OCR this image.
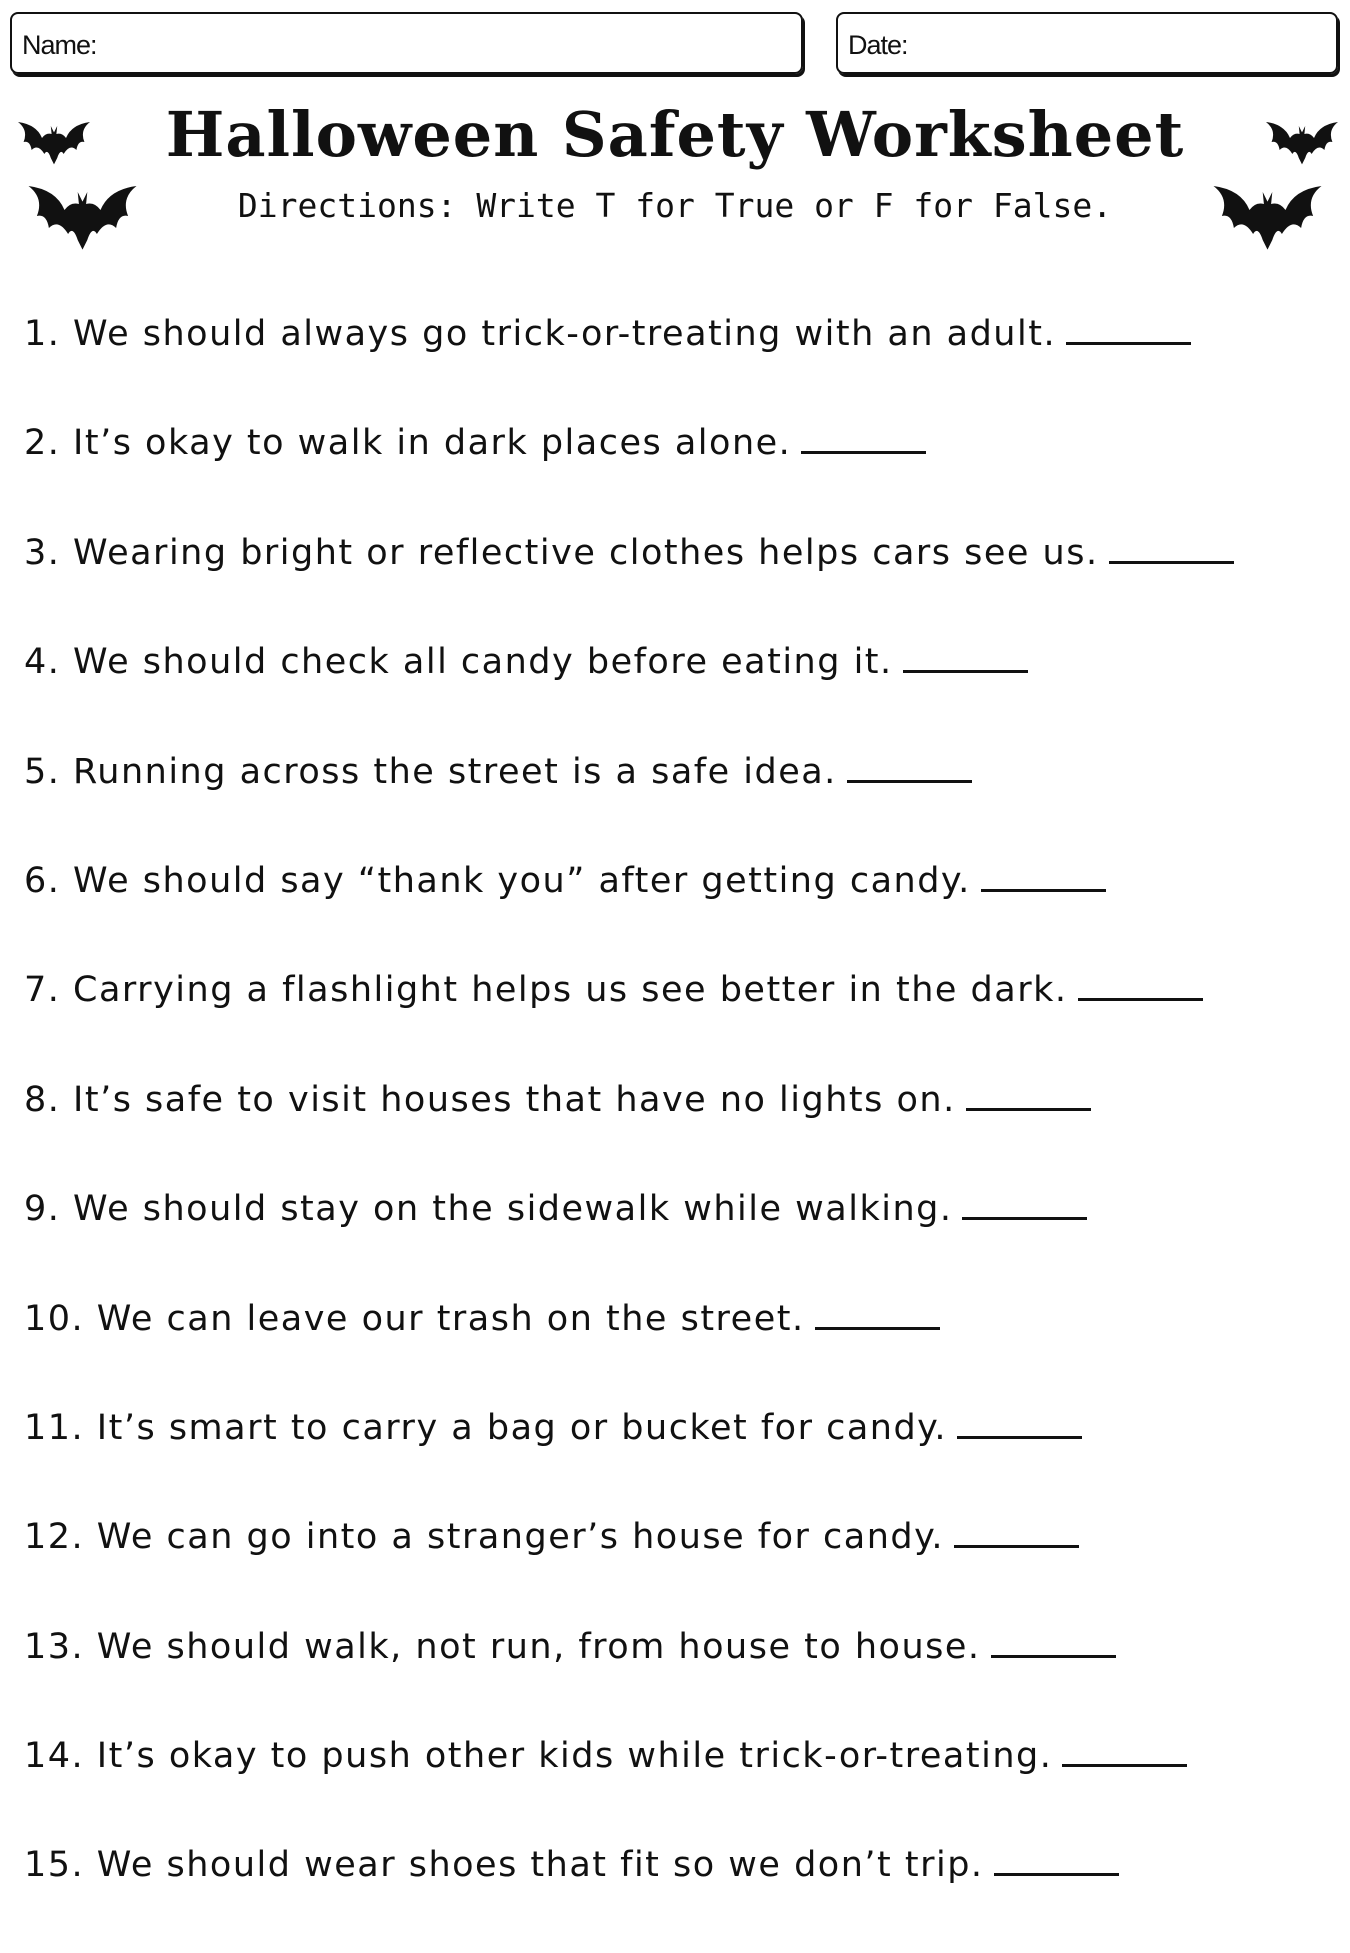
Name:	Date:
Halloween Safety Worksheet
Directions: Write T for True or F for False.
1. We should always go trick-or-treating with an adult.
2. It’s okay to walk in dark places alone.
3. Wearing bright or reflective clothes helps cars see us.
4. We should check all candy before eating it.
5. Running across the street is a safe idea.
6. We should say “thank you” after getting candy.
7. Carrying a flashlight helps us see better in the dark.
8. It’s safe to visit houses that have no lights on.
9. We should stay on the sidewalk while walking.
10. We can leave our trash on the street.
11. It’s smart to carry a bag or bucket for candy.
12. We can go into a stranger’s house for candy.
13. We should walk, not run, from house to house.
14. It’s okay to push other kids while trick-or-treating.
15. We should wear shoes that fit so we don’t trip.
